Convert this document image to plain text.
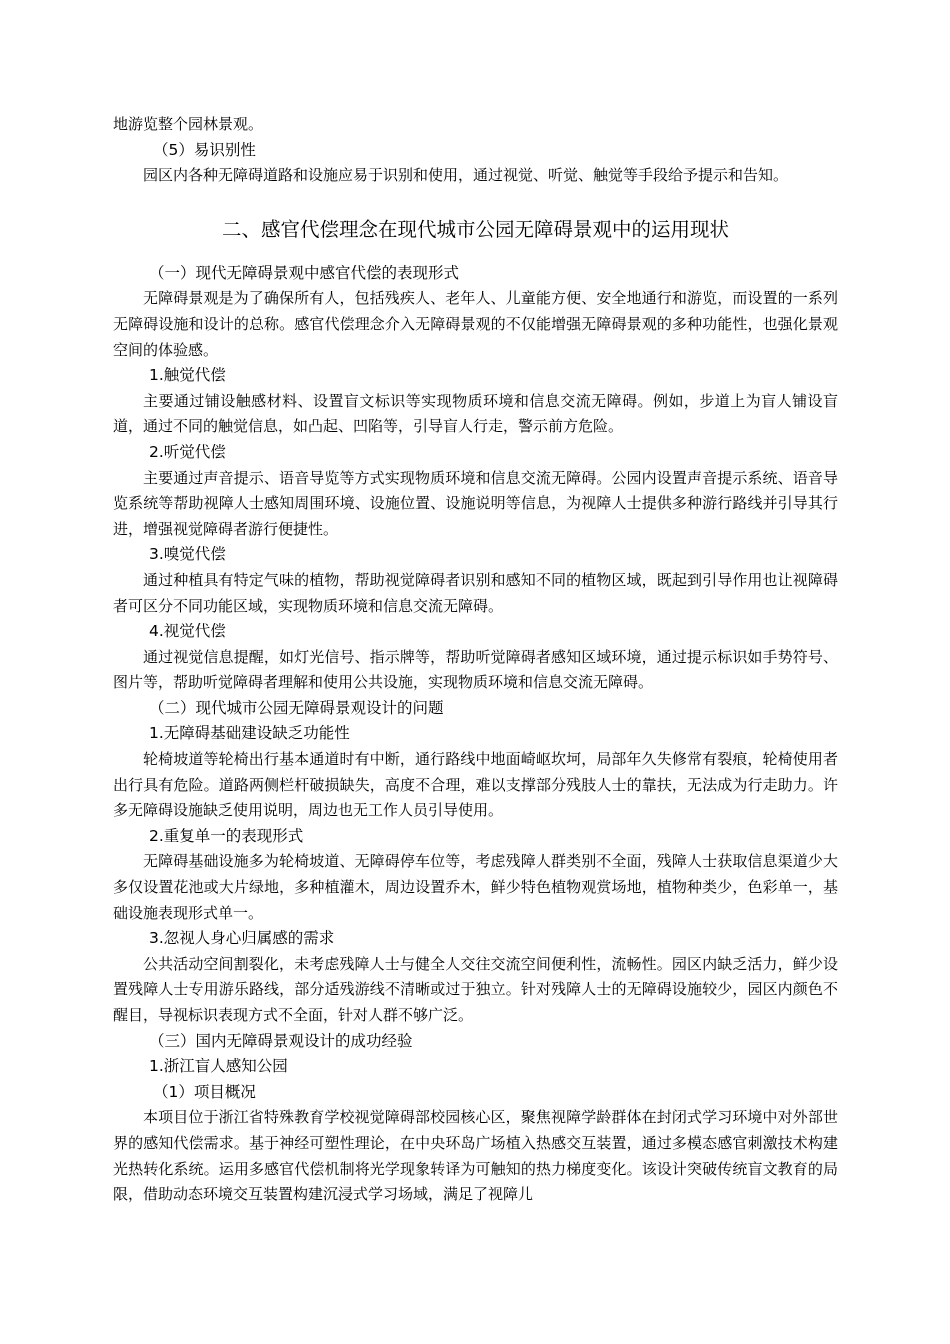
地游览整个园林景观。

（5）易识别性

园区内各种无障碍道路和设施应易于识别和使用，通过视觉、听觉、触觉等手段给予提示和告知。

二、感官代偿理念在现代城市公园无障碍景观中的运用现状

（一）现代无障碍景观中感官代偿的表现形式

无障碍景观是为了确保所有人，包括残疾人、老年人、儿童能方便、安全地通行和游览，而设置的一系列无障碍设施和设计的总称。感官代偿理念介入无障碍景观的不仅能增强无障碍景观的多种功能性，也强化景观空间的体验感。

1.触觉代偿

主要通过铺设触感材料、设置盲文标识等实现物质环境和信息交流无障碍。例如，步道上为盲人铺设盲道，通过不同的触觉信息，如凸起、凹陷等，引导盲人行走，警示前方危险。

2.听觉代偿

主要通过声音提示、语音导览等方式实现物质环境和信息交流无障碍。公园内设置声音提示系统、语音导览系统等帮助视障人士感知周围环境、设施位置、设施说明等信息，为视障人士提供多种游行路线并引导其行进，增强视觉障碍者游行便捷性。

3.嗅觉代偿

通过种植具有特定气味的植物，帮助视觉障碍者识别和感知不同的植物区域，既起到引导作用也让视障碍者可区分不同功能区域，实现物质环境和信息交流无障碍。

4.视觉代偿

通过视觉信息提醒，如灯光信号、指示牌等，帮助听觉障碍者感知区域环境，通过提示标识如手势符号、图片等，帮助听觉障碍者理解和使用公共设施，实现物质环境和信息交流无障碍。

（二）现代城市公园无障碍景观设计的问题

1.无障碍基础建设缺乏功能性

轮椅坡道等轮椅出行基本通道时有中断，通行路线中地面崎岖坎坷，局部年久失修常有裂痕，轮椅使用者出行具有危险。道路两侧栏杆破损缺失，高度不合理，难以支撑部分残肢人士的靠扶，无法成为行走助力。许多无障碍设施缺乏使用说明，周边也无工作人员引导使用。

2.重复单一的表现形式

无障碍基础设施多为轮椅坡道、无障碍停车位等，考虑残障人群类别不全面，残障人士获取信息渠道少大多仅设置花池或大片绿地，多种植灌木，周边设置乔木，鲜少特色植物观赏场地，植物种类少，色彩单一，基础设施表现形式单一。

3.忽视人身心归属感的需求

公共活动空间割裂化，未考虑残障人士与健全人交往交流空间便利性，流畅性。园区内缺乏活力，鲜少设置残障人士专用游乐路线，部分适残游线不清晰或过于独立。针对残障人士的无障碍设施较少，园区内颜色不醒目，导视标识表现方式不全面，针对人群不够广泛。

（三）国内无障碍景观设计的成功经验

1.浙江盲人感知公园

（1）项目概况

本项目位于浙江省特殊教育学校视觉障碍部校园核心区，聚焦视障学龄群体在封闭式学习环境中对外部世界的感知代偿需求。基于神经可塑性理论，在中央环岛广场植入热感交互装置，通过多模态感官刺激技术构建光热转化系统。运用多感官代偿机制将光学现象转译为可触知的热力梯度变化。该设计突破传统盲文教育的局限，借助动态环境交互装置构建沉浸式学习场域，满足了视障儿
